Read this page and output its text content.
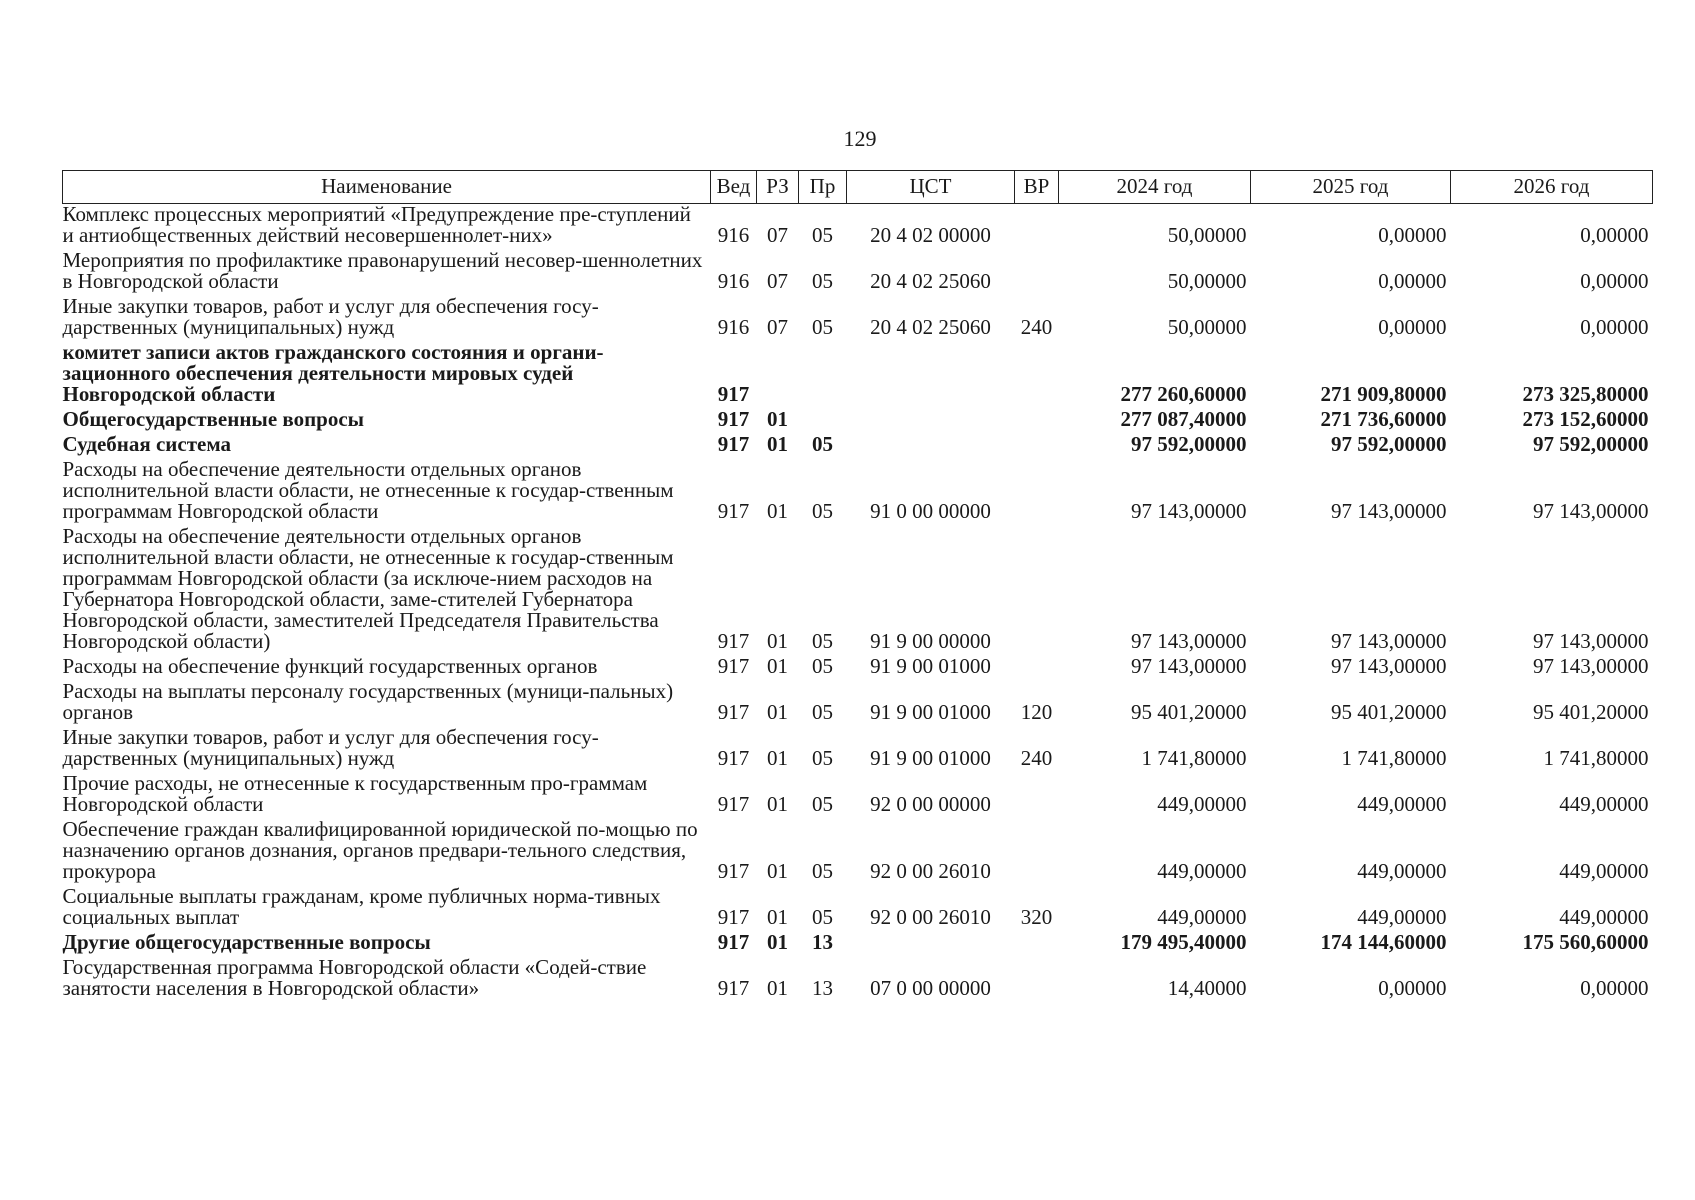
129
Наименование	Вед	РЗ	Пр	ЦСТ	ВР	2024 год	2025 год	2026 год
Комплекс процессных мероприятий «Предупреждение пре-ступлений и антиобщественных действий несовершеннолет-них»	916	07	05	20 4 02 00000		50,00000	0,00000	0,00000
Мероприятия по профилактике правонарушений несовер-шеннолетних в Новгородской области	916	07	05	20 4 02 25060		50,00000	0,00000	0,00000
Иные закупки товаров, работ и услуг для обеспечения госу-дарственных (муниципальных) нужд	916	07	05	20 4 02 25060	240	50,00000	0,00000	0,00000
комитет записи актов гражданского состояния и органи-зационного обеспечения деятельности мировых судей Новгородской области	917					277 260,60000	271 909,80000	273 325,80000
Общегосударственные вопросы	917	01				277 087,40000	271 736,60000	273 152,60000
Судебная система	917	01	05			97 592,00000	97 592,00000	97 592,00000
Расходы на обеспечение деятельности отдельных органов исполнительной власти области, не отнесенные к государ-ственным программам Новгородской области	917	01	05	91 0 00 00000		97 143,00000	97 143,00000	97 143,00000
Расходы на обеспечение деятельности отдельных органов исполнительной власти области, не отнесенные к государ-ственным программам Новгородской области (за исключе-нием расходов на Губернатора Новгородской области, заме-стителей Губернатора Новгородской области, заместителей Председателя Правительства Новгородской области)	917	01	05	91 9 00 00000		97 143,00000	97 143,00000	97 143,00000
Расходы на обеспечение функций государственных органов	917	01	05	91 9 00 01000		97 143,00000	97 143,00000	97 143,00000
Расходы на выплаты персоналу государственных (муници-пальных) органов	917	01	05	91 9 00 01000	120	95 401,20000	95 401,20000	95 401,20000
Иные закупки товаров, работ и услуг для обеспечения госу-дарственных (муниципальных) нужд	917	01	05	91 9 00 01000	240	1 741,80000	1 741,80000	1 741,80000
Прочие расходы, не отнесенные к государственным про-граммам Новгородской области	917	01	05	92 0 00 00000		449,00000	449,00000	449,00000
Обеспечение граждан квалифицированной юридической по-мощью по назначению органов дознания, органов предвари-тельного следствия, прокурора	917	01	05	92 0 00 26010		449,00000	449,00000	449,00000
Социальные выплаты гражданам, кроме публичных норма-тивных социальных выплат	917	01	05	92 0 00 26010	320	449,00000	449,00000	449,00000
Другие общегосударственные вопросы	917	01	13			179 495,40000	174 144,60000	175 560,60000
Государственная программа Новгородской области «Содей-ствие занятости населения в Новгородской области»	917	01	13	07 0 00 00000		14,40000	0,00000	0,00000
